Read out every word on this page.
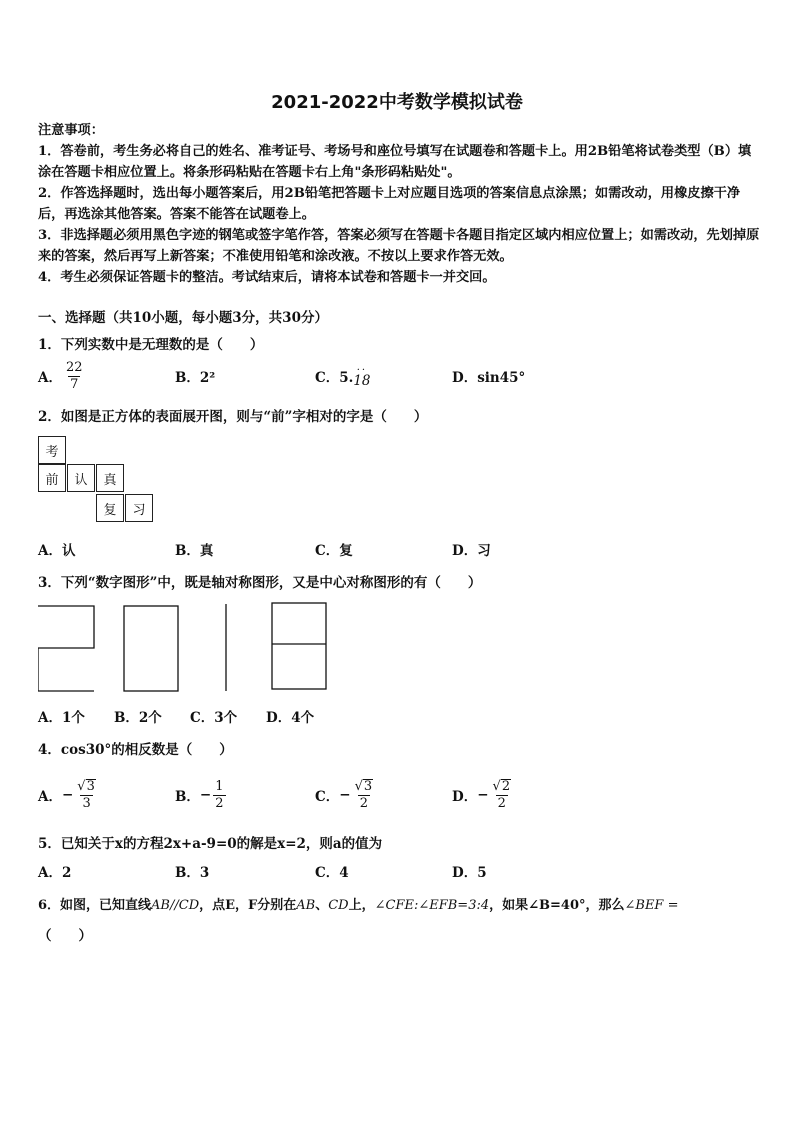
2021-2022中考数学模拟试卷
注意事项：
1．答卷前，考生务必将自己的姓名、准考证号、考场号和座位号填写在试题卷和答题卡上。用2B铅笔将试卷类型（B）填涂在答题卡相应位置上。将条形码粘贴在答题卡右上角"条形码粘贴处"。
2．作答选择题时，选出每小题答案后，用2B铅笔把答题卡上对应题目选项的答案信息点涂黑；如需改动，用橡皮擦干净后，再选涂其他答案。答案不能答在试题卷上。
3．非选择题必须用黑色字迹的钢笔或签字笔作答，答案必须写在答题卡各题目指定区域内相应位置上；如需改动，先划掉原来的答案，然后再写上新答案；不准使用铅笔和涂改液。不按以上要求作答无效。
4．考生必须保证答题卡的整洁。考试结束后，请将本试卷和答题卡一并交回。
一、选择题（共10小题，每小题3分，共30分）
1．下列实数中是无理数的是（　　）
A． $\frac{22}{7}$	B．2²	C．5. ··
18	D．sin45°
2．如图是正方体的表面展开图，则与“前”字相对的字是（　　）
考
前	认	真
复	习
A．认	B．真	C．复	D．习
3．下列“数字图形”中，既是轴对称图形，又是中心对称图形的有（　　）
A．1个 B．2个 C．3个 D．4个
4．cos30°的相反数是（　　）
A． − $\frac{√ 3}{3}$	B． − $\frac{1}{2}$	C． − $\frac{√ 3}{2}$	D． − $\frac{√ 2}{2}$
5．已知关于x的方程2x+a-9=0的解是x=2，则a的值为
A．2	B．3	C．4	D．5
6．如图，已知直线AB//CD，点E，F分别在AB、CD上，∠CFE:∠EFB=3:4，如果∠B=40°，那么∠BEF =
（　　）
